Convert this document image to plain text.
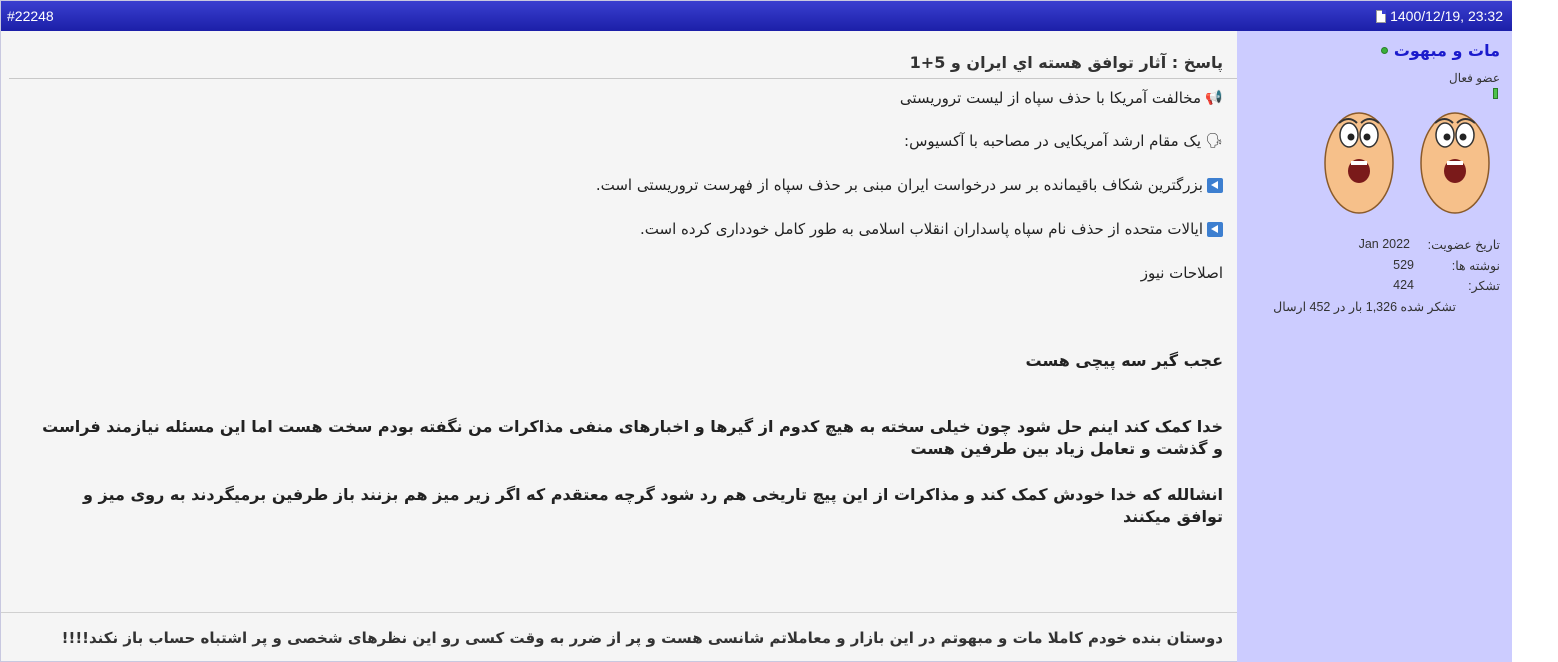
#22248	1400/12/19, 23:32
پاسخ : آثار توافق هسته اي ايران و 5+1
📢
مخالفت آمریکا با حذف سپاه از لیست تروریستی
🗣
یک مقام ارشد آمریکایی در مصاحبه با آکسیوس:
بزرگترین شکاف باقیمانده بر سر درخواست ایران مبنی بر حذف سپاه از فهرست تروریستی است.
ایالات متحده از حذف نام سپاه پاسداران انقلاب اسلامی به طور کامل خودداری کرده است.
اصلاحات نیوز
عجب گیر سه پیچی هست
خدا کمک کند اینم حل شود چون خیلی سخته به هیچ کدوم از گیرها و اخبارهای منفی مذاکرات من نگفته بودم سخت هست اما این مسئله نیازمند فراست و گذشت و تعامل زیاد بین طرفین هست
انشالله که خدا خودش کمک کند و مذاکرات از این پیچ تاریخی هم رد شود گرچه معتقدم که اگر زیر میز هم بزنند باز طرفین برمیگردند به روی میز و توافق میکنند
دوستان بنده خودم کاملا مات و مبهوتم در این بازار و معاملاتم شانسی هست و پر از ضرر به وقت کسی رو این نظرهای شخصی و پر اشتباه حساب باز نکند!!!!
مات و مبهوت
عضو فعال
تاریخ عضویت:
Jan 2022
نوشته ها:
529
تشکر:
424
تشکر شده 1,326 بار در 452 ارسال
